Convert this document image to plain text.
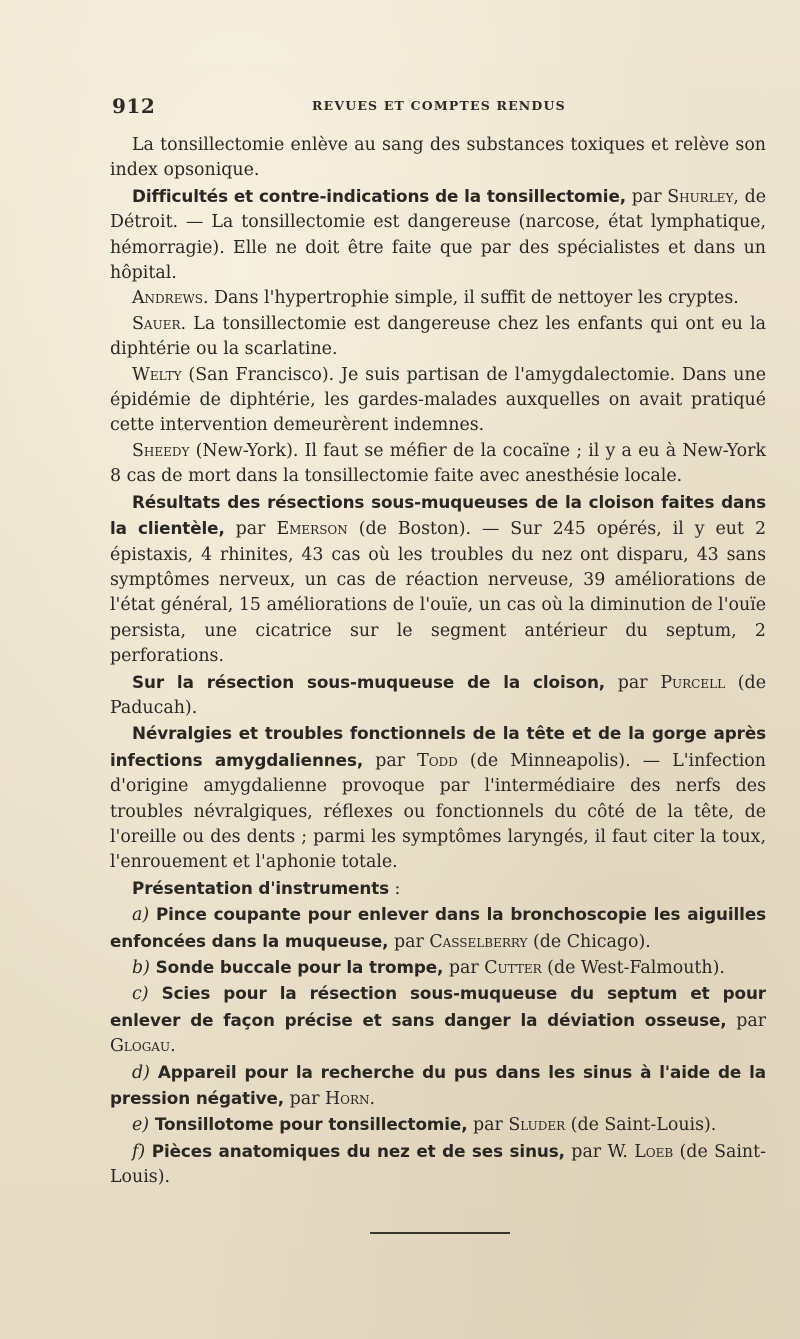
912	REVUES ET COMPTES RENDUS

La tonsillectomie enlève au sang des substances toxiques et relève son index opsonique.

Difficultés et contre-indications de la tonsillectomie, par Shurley, de Détroit. — La tonsillectomie est dangereuse (narcose, état lymphatique, hémorragie). Elle ne doit être faite que par des spécialistes et dans un hôpital.

Andrews. Dans l'hypertrophie simple, il suffit de nettoyer les cryptes.

Sauer. La tonsillectomie est dangereuse chez les enfants qui ont eu la diphtérie ou la scarlatine.

Welty (San Francisco). Je suis partisan de l'amygdalectomie. Dans une épidémie de diphtérie, les gardes-malades auxquelles on avait pratiqué cette intervention demeurèrent indemnes.

Sheedy (New-York). Il faut se méfier de la cocaïne ; il y a eu à New-York 8 cas de mort dans la tonsillectomie faite avec anesthésie locale.

Résultats des résections sous-muqueuses de la cloison faites dans la clientèle, par Emerson (de Boston). — Sur 245 opérés, il y eut 2 épistaxis, 4 rhinites, 43 cas où les troubles du nez ont disparu, 43 sans symptômes nerveux, un cas de réaction nerveuse, 39 améliorations de l'état général, 15 améliorations de l'ouïe, un cas où la diminution de l'ouïe persista, une cicatrice sur le segment antérieur du septum, 2 perforations.

Sur la résection sous-muqueuse de la cloison, par Purcell (de Paducah).

Névralgies et troubles fonctionnels de la tête et de la gorge après infections amygdaliennes, par Todd (de Minneapolis). — L'infection d'origine amygdalienne provoque par l'intermédiaire des nerfs des troubles névralgiques, réflexes ou fonctionnels du côté de la tête, de l'oreille ou des dents ; parmi les symptômes laryngés, il faut citer la toux, l'enrouement et l'aphonie totale.

Présentation d'instruments :

a) Pince coupante pour enlever dans la bronchoscopie les aiguilles enfoncées dans la muqueuse, par Casselberry (de Chicago).

b) Sonde buccale pour la trompe, par Cutter (de West-Falmouth).

c) Scies pour la résection sous-muqueuse du septum et pour enlever de façon précise et sans danger la déviation osseuse, par Glogau.

d) Appareil pour la recherche du pus dans les sinus à l'aide de la pression négative, par Horn.

e) Tonsillotome pour tonsillectomie, par Sluder (de Saint-Louis).

f) Pièces anatomiques du nez et de ses sinus, par W. Loeb (de Saint-Louis).
